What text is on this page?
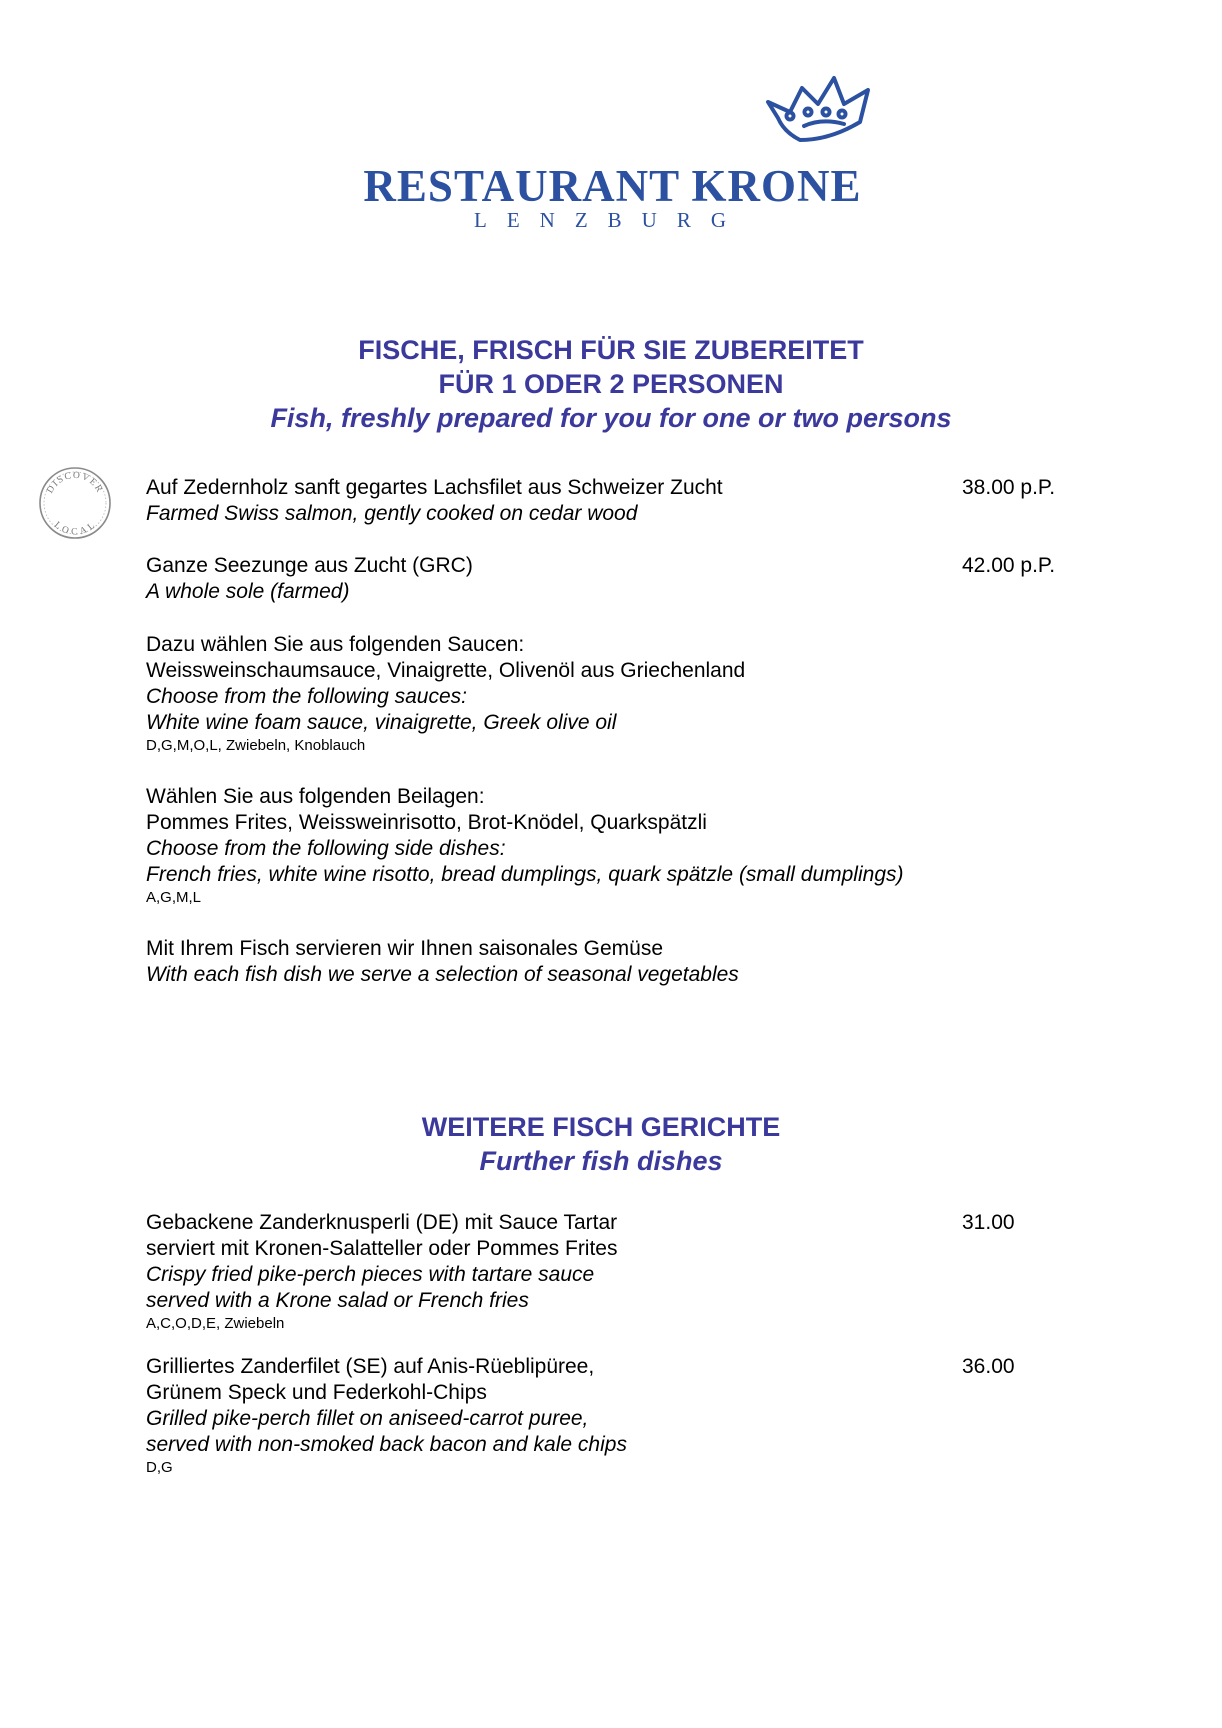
RESTAURANT KRONE
LENZBURG
FISCHE, FRISCH FÜR SIE ZUBEREITET
FÜR 1 ODER 2 PERSONEN
Fish, freshly prepared for you for one or two persons
DISCOVER
LOCAL
Auf Zedernholz sanft gegartes Lachsfilet aus Schweizer Zucht
Farmed Swiss salmon, gently cooked on cedar wood
38.00 p.P.
Ganze Seezunge aus Zucht (GRC)
A whole sole (farmed)
42.00 p.P.
Dazu wählen Sie aus folgenden Saucen:
Weissweinschaumsauce, Vinaigrette, Olivenöl aus Griechenland
Choose from the following sauces:
White wine foam sauce, vinaigrette, Greek olive oil
D,G,M,O,L, Zwiebeln, Knoblauch
Wählen Sie aus folgenden Beilagen:
Pommes Frites, Weissweinrisotto, Brot-Knödel, Quarkspätzli
Choose from the following side dishes:
French fries, white wine risotto, bread dumplings, quark spätzle (small dumplings)
A,G,M,L
Mit Ihrem Fisch servieren wir Ihnen saisonales Gemüse
With each fish dish we serve a selection of seasonal vegetables
WEITERE FISCH GERICHTE
Further fish dishes
Gebackene Zanderknusperli (DE) mit Sauce Tartar
serviert mit Kronen-Salatteller oder Pommes Frites
Crispy fried pike-perch pieces with tartare sauce
served with a Krone salad or French fries
A,C,O,D,E, Zwiebeln
31.00
Grilliertes Zanderfilet (SE) auf Anis-Rüeblipüree,
Grünem Speck und Federkohl-Chips
Grilled pike-perch fillet on aniseed-carrot puree,
served with non-smoked back bacon and kale chips
D,G
36.00
